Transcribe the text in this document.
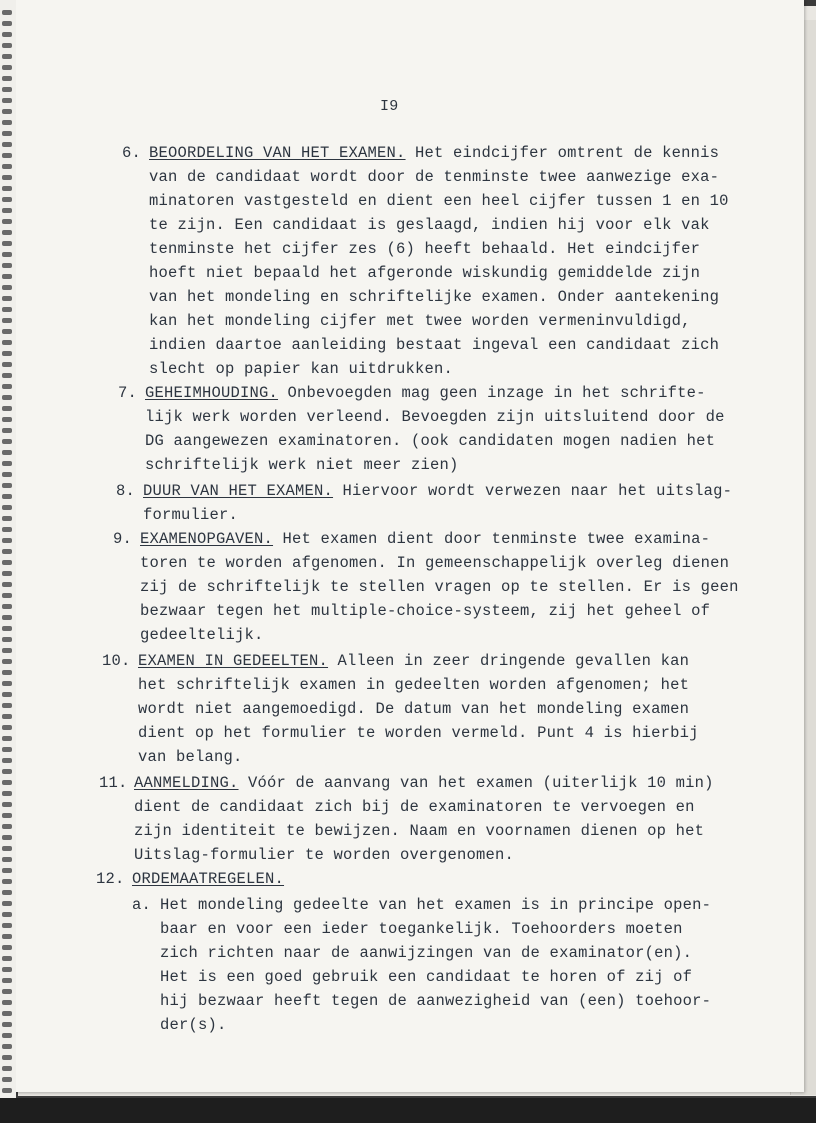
I9
6. BEOORDELING VAN HET EXAMEN. Het eindcijfer omtrent de kennis
van de candidaat wordt door de tenminste twee aanwezige exa-
minatoren vastgesteld en dient een heel cijfer tussen 1 en 10
te zijn. Een candidaat is geslaagd, indien hij voor elk vak
tenminste het cijfer zes (6) heeft behaald. Het eindcijfer
hoeft niet bepaald het afgeronde wiskundig gemiddelde zijn
van het mondeling en schriftelijke examen. Onder aantekening
kan het mondeling cijfer met twee worden vermeninvuldigd,
indien daartoe aanleiding bestaat ingeval een candidaat zich
slecht op papier kan uitdrukken.
7. GEHEIMHOUDING. Onbevoegden mag geen inzage in het schrifte-
lijk werk worden verleend. Bevoegden zijn uitsluitend door de
DG aangewezen examinatoren. (ook candidaten mogen nadien het
schriftelijk werk niet meer zien)
8. DUUR VAN HET EXAMEN. Hiervoor wordt verwezen naar het uitslag-
formulier.
9. EXAMENOPGAVEN. Het examen dient door tenminste twee examina-
toren te worden afgenomen. In gemeenschappelijk overleg dienen
zij de schriftelijk te stellen vragen op te stellen. Er is geen
bezwaar tegen het multiple-choice-systeem, zij het geheel of
gedeeltelijk.
10. EXAMEN IN GEDEELTEN. Alleen in zeer dringende gevallen kan
het schriftelijk examen in gedeelten worden afgenomen; het
wordt niet aangemoedigd. De datum van het mondeling examen
dient op het formulier te worden vermeld. Punt 4 is hierbij
van belang.
11. AANMELDING. Vóór de aanvang van het examen (uiterlijk 10 min)
dient de candidaat zich bij de examinatoren te vervoegen en
zijn identiteit te bewijzen. Naam en voornamen dienen op het
Uitslag-formulier te worden overgenomen.
12. ORDEMAATREGELEN.
a. Het mondeling gedeelte van het examen is in principe open-
baar en voor een ieder toegankelijk. Toehoorders moeten
zich richten naar de aanwijzingen van de examinator(en).
Het is een goed gebruik een candidaat te horen of zij of
hij bezwaar heeft tegen de aanwezigheid van (een) toehoor-
der(s).
